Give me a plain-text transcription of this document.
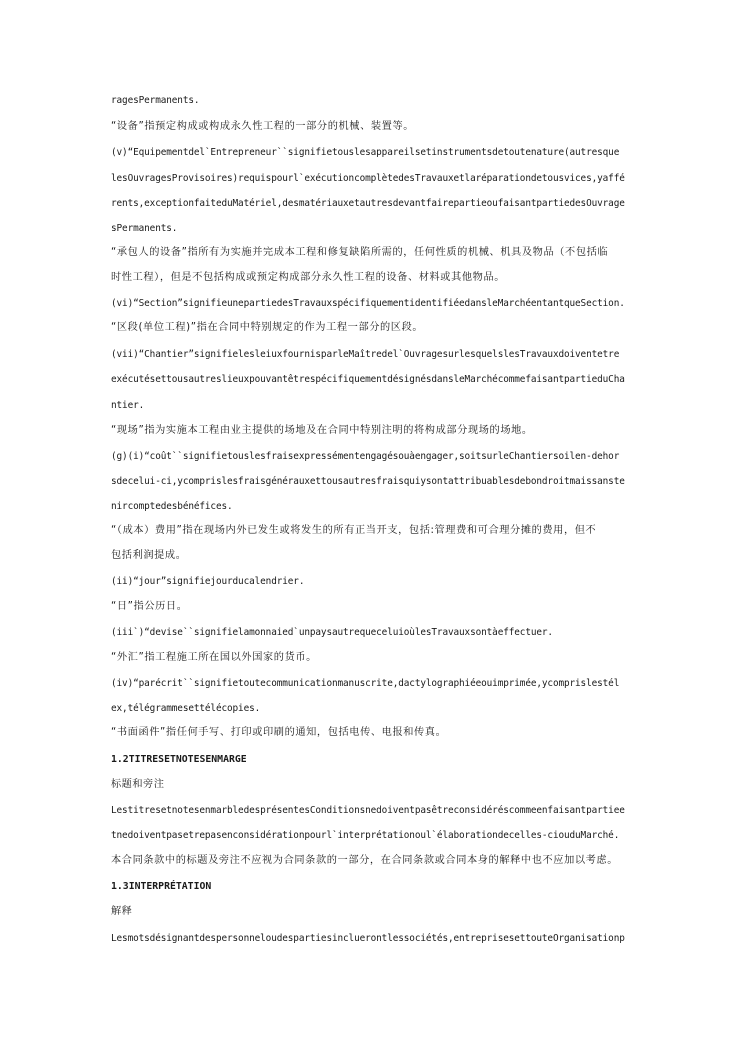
ragesPermanents.
“设备”指预定构成或构成永久性工程的一部分的机械、装置等。
(v)“Equipementdel`Entrepreneur``signifietouslesappareilsetinstrumentsdetoutenature(autresque
lesOuvragesProvisoires)requispourl`exécutioncomplètedesTravauxetlaréparationdetousvices,yaffé
rents,exceptionfaiteduMatériel,desmatériauxetautresdevantfairepartieoufaisantpartiedesOuvrage
sPermanents.
“承包人的设备”指所有为实施并完成本工程和修复缺陷所需的，任何性质的机械、机具及物品（不包括临
时性工程），但是不包括构成或预定构成部分永久性工程的设备、材料或其他物品。
(vi)“Section”signifieunepartiedesTravauxspécifiquementidentifiéedansleMarchéentantqueSection.
“区段(单位工程)”指在合同中特别规定的作为工程一部分的区段。
(vii)“Chantier”signifielesleiuxfournisparleMaîtredel`OuvragesurlesquelslesTravauxdoiventetre
exécutésettousautreslieuxpouvantêtrespécifiquementdésignésdansleMarchécommefaisantpartieduCha
ntier.
“现场”指为实施本工程由业主提供的场地及在合同中特别注明的将构成部分现场的场地。
(g)(i)“coût``signifietouslesfraisexpressémentengagésouàengager,soitsurleChantiersoilen-dehor
sdecelui-ci,ycomprislesfraisgénérauxettousautresfraisquiysontattribuablesdebondroitmaissanste
nircomptedesbénéfices.
“（成本）费用”指在现场内外已发生或将发生的所有正当开支，包括:管理费和可合理分摊的费用，但不
包括利润提成。
(ii)“jour”signifiejourducalendrier.
“日”指公历日。
(iii`)“devise``signifielamonnaied`unpaysautrequeceluioùlesTravauxsontàeffectuer.
“外汇”指工程施工所在国以外国家的货币。
(iv)“parécrit``signifietoutecommunicationmanuscrite,dactylographiéeouimprimée,ycomprislestél
ex,télégrammesettélécopies.
“书面函件”指任何手写、打印或印刷的通知，包括电传、电报和传真。
1.2TITRESETNOTESENMARGE
标题和旁注
LestitresetnotesenmarbledesprésentesConditionsnedoiventpasêtreconsidéréscommeenfaisantpartiee
tnedoiventpasetrepasenconsidérationpourl`interprétationoul`élaborationdecelles-ciouduMarché.
本合同条款中的标题及旁注不应视为合同条款的一部分，在合同条款或合同本身的解释中也不应加以考虑。
1.3INTERPRÉTATION
解释
Lesmotsdésignantdespersonneloudespartiesincluerontlessociétés,entreprisesettouteOrganisationp
